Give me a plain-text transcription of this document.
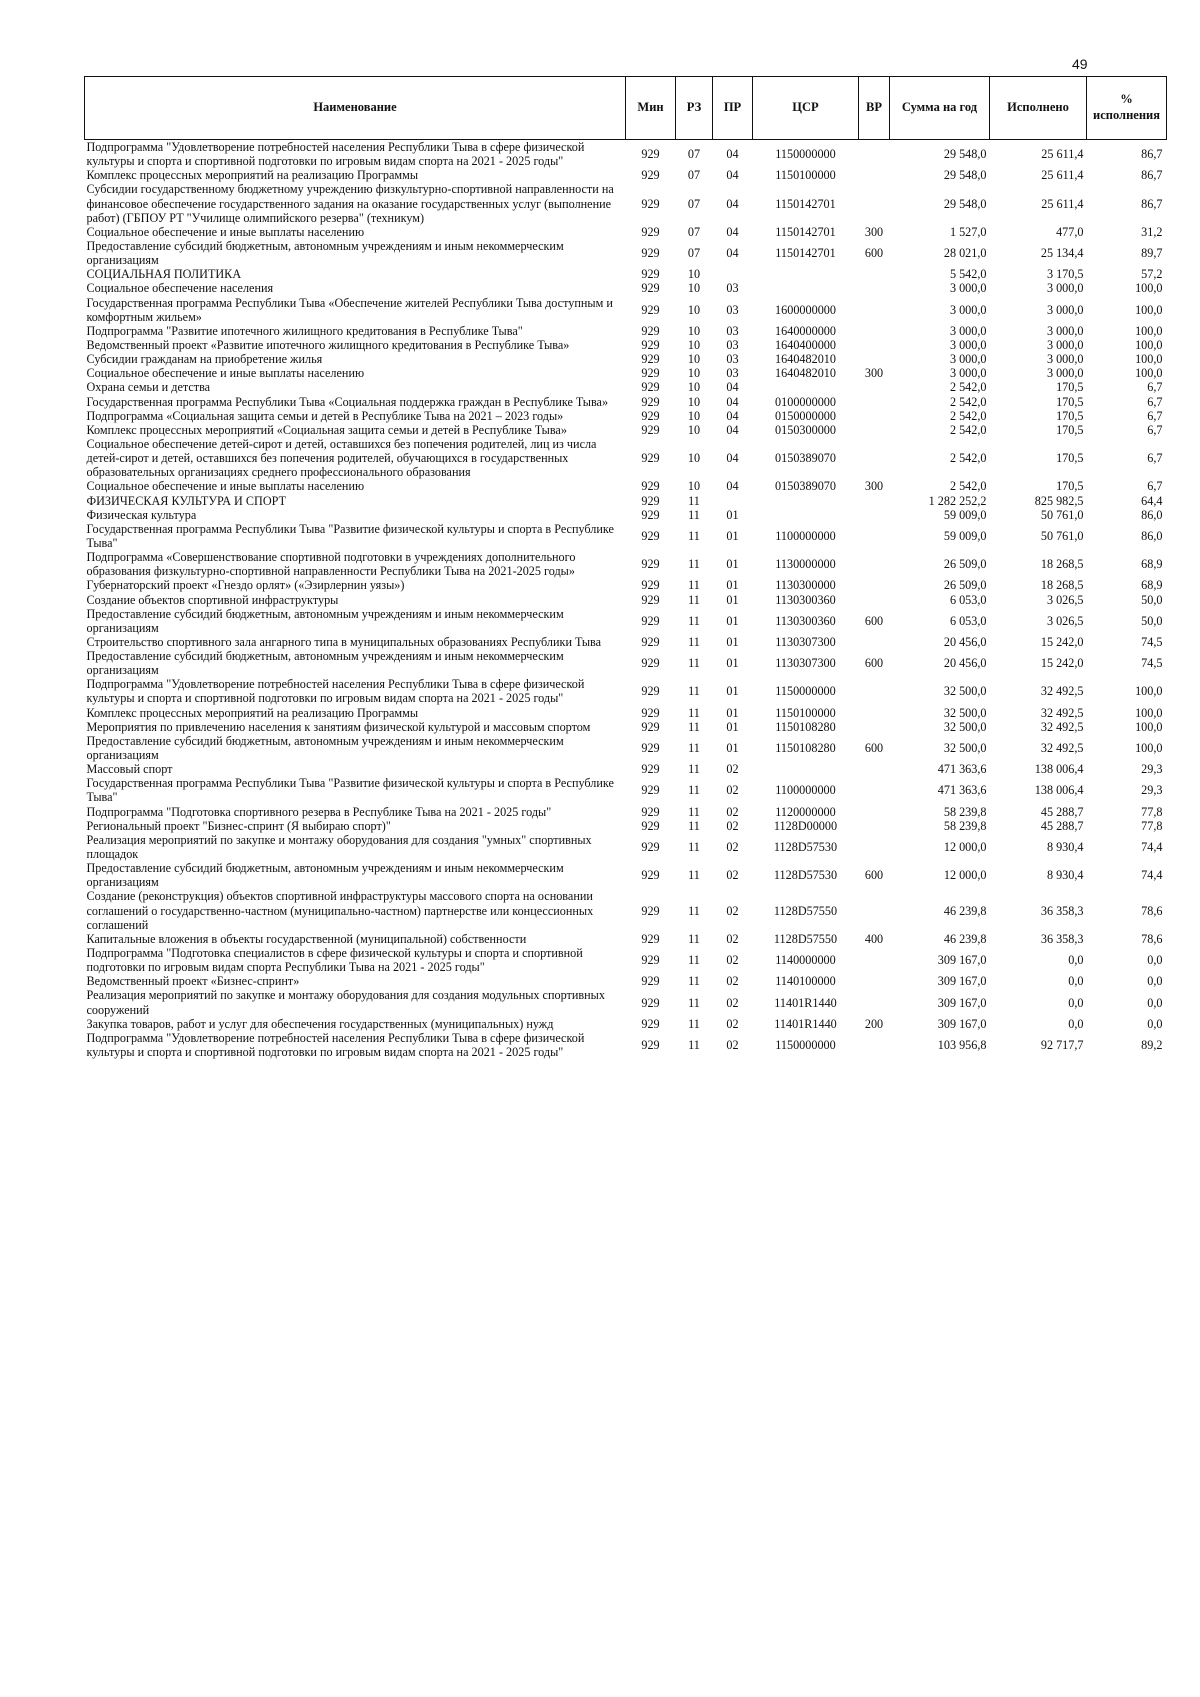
49
Наименование	Мин	РЗ	ПР	ЦСР	ВР	Сумма на год	Исполнено	% исполнения
Подпрограмма "Удовлетворение потребностей населения Республики Тыва в сфере физической культуры и спорта и спортивной подготовки по игровым видам спорта на 2021 - 2025 годы"	929	07	04	1150000000		29 548,0	25 611,4	86,7
Комплекс процессных мероприятий на реализацию Программы	929	07	04	1150100000		29 548,0	25 611,4	86,7
Субсидии государственному бюджетному учреждению физкультурно-спортивной направленности на финансовое обеспечение государственного задания на оказание государственных услуг (выполнение работ) (ГБПОУ РТ "Училище олимпийского резерва" (техникум)	929	07	04	1150142701		29 548,0	25 611,4	86,7
Социальное обеспечение и иные выплаты населению	929	07	04	1150142701	300	1 527,0	477,0	31,2
Предоставление субсидий бюджетным, автономным учреждениям и иным некоммерческим организациям	929	07	04	1150142701	600	28 021,0	25 134,4	89,7
СОЦИАЛЬНАЯ ПОЛИТИКА	929	10				5 542,0	3 170,5	57,2
Социальное обеспечение населения	929	10	03			3 000,0	3 000,0	100,0
Государственная программа Республики Тыва «Обеспечение жителей Республики Тыва доступным и комфортным жильем»	929	10	03	1600000000		3 000,0	3 000,0	100,0
Подпрограмма "Развитие ипотечного жилищного кредитования в Республике Тыва"	929	10	03	1640000000		3 000,0	3 000,0	100,0
Ведомственный проект «Развитие ипотечного жилищного кредитования в Республике Тыва»	929	10	03	1640400000		3 000,0	3 000,0	100,0
Субсидии гражданам на приобретение жилья	929	10	03	1640482010		3 000,0	3 000,0	100,0
Социальное обеспечение и иные выплаты населению	929	10	03	1640482010	300	3 000,0	3 000,0	100,0
Охрана семьи и детства	929	10	04			2 542,0	170,5	6,7
Государственная программа Республики Тыва «Социальная поддержка граждан в Республике Тыва»	929	10	04	0100000000		2 542,0	170,5	6,7
Подпрограмма «Социальная защита семьи и детей в Республике Тыва на 2021 – 2023 годы»	929	10	04	0150000000		2 542,0	170,5	6,7
Комплекс процессных мероприятий «Социальная защита семьи и детей в Республике Тыва»	929	10	04	0150300000		2 542,0	170,5	6,7
Социальное обеспечение детей-сирот и детей, оставшихся без попечения родителей, лиц из числа детей-сирот и детей, оставшихся без попечения родителей, обучающихся в государственных образовательных организациях среднего профессионального образования	929	10	04	0150389070		2 542,0	170,5	6,7
Социальное обеспечение и иные выплаты населению	929	10	04	0150389070	300	2 542,0	170,5	6,7
ФИЗИЧЕСКАЯ КУЛЬТУРА И СПОРТ	929	11				1 282 252,2	825 982,5	64,4
Физическая культура	929	11	01			59 009,0	50 761,0	86,0
Государственная программа Республики Тыва "Развитие физической культуры и спорта в Республике Тыва"	929	11	01	1100000000		59 009,0	50 761,0	86,0
Подпрограмма «Совершенствование спортивной подготовки в учреждениях дополнительного образования физкультурно-спортивной направленности Республики Тыва на 2021-2025 годы»	929	11	01	1130000000		26 509,0	18 268,5	68,9
Губернаторский проект «Гнездо орлят» («Эзирлернин уязы»)	929	11	01	1130300000		26 509,0	18 268,5	68,9
Создание объектов спортивной инфраструктуры	929	11	01	1130300360		6 053,0	3 026,5	50,0
Предоставление субсидий бюджетным, автономным учреждениям и иным некоммерческим организациям	929	11	01	1130300360	600	6 053,0	3 026,5	50,0
Строительство спортивного зала ангарного типа в муниципальных образованиях Республики Тыва	929	11	01	1130307300		20 456,0	15 242,0	74,5
Предоставление субсидий бюджетным, автономным учреждениям и иным некоммерческим организациям	929	11	01	1130307300	600	20 456,0	15 242,0	74,5
Подпрограмма "Удовлетворение потребностей населения Республики Тыва в сфере физической культуры и спорта и спортивной подготовки по игровым видам спорта на 2021 - 2025 годы"	929	11	01	1150000000		32 500,0	32 492,5	100,0
Комплекс процессных мероприятий на реализацию Программы	929	11	01	1150100000		32 500,0	32 492,5	100,0
Мероприятия по привлечению населения к занятиям физической культурой и массовым спортом	929	11	01	1150108280		32 500,0	32 492,5	100,0
Предоставление субсидий бюджетным, автономным учреждениям и иным некоммерческим организациям	929	11	01	1150108280	600	32 500,0	32 492,5	100,0
Массовый спорт	929	11	02			471 363,6	138 006,4	29,3
Государственная программа Республики Тыва "Развитие физической культуры и спорта в Республике Тыва"	929	11	02	1100000000		471 363,6	138 006,4	29,3
Подпрограмма "Подготовка спортивного резерва в Республике Тыва на 2021 - 2025 годы"	929	11	02	1120000000		58 239,8	45 288,7	77,8
Региональный проект "Бизнес-спринт (Я выбираю спорт)"	929	11	02	1128D00000		58 239,8	45 288,7	77,8
Реализация мероприятий по закупке и монтажу оборудования для создания "умных" спортивных площадок	929	11	02	1128D57530		12 000,0	8 930,4	74,4
Предоставление субсидий бюджетным, автономным учреждениям и иным некоммерческим организациям	929	11	02	1128D57530	600	12 000,0	8 930,4	74,4
Создание (реконструкция) объектов спортивной инфраструктуры массового спорта на основании соглашений о государственно-частном (муниципально-частном) партнерстве или концессионных соглашений	929	11	02	1128D57550		46 239,8	36 358,3	78,6
Капитальные вложения в объекты государственной (муниципальной) собственности	929	11	02	1128D57550	400	46 239,8	36 358,3	78,6
Подпрограмма "Подготовка специалистов в сфере физической культуры и спорта и спортивной подготовки по игровым видам спорта Республики Тыва на 2021 - 2025 годы"	929	11	02	1140000000		309 167,0	0,0	0,0
Ведомственный проект «Бизнес-спринт»	929	11	02	1140100000		309 167,0	0,0	0,0
Реализация мероприятий по закупке и монтажу оборудования для создания модульных спортивных сооружений	929	11	02	11401R1440		309 167,0	0,0	0,0
Закупка товаров, работ и услуг для обеспечения государственных (муниципальных) нужд	929	11	02	11401R1440	200	309 167,0	0,0	0,0
Подпрограмма "Удовлетворение потребностей населения Республики Тыва в сфере физической культуры и спорта и спортивной подготовки по игровым видам спорта на 2021 - 2025 годы"	929	11	02	1150000000		103 956,8	92 717,7	89,2
